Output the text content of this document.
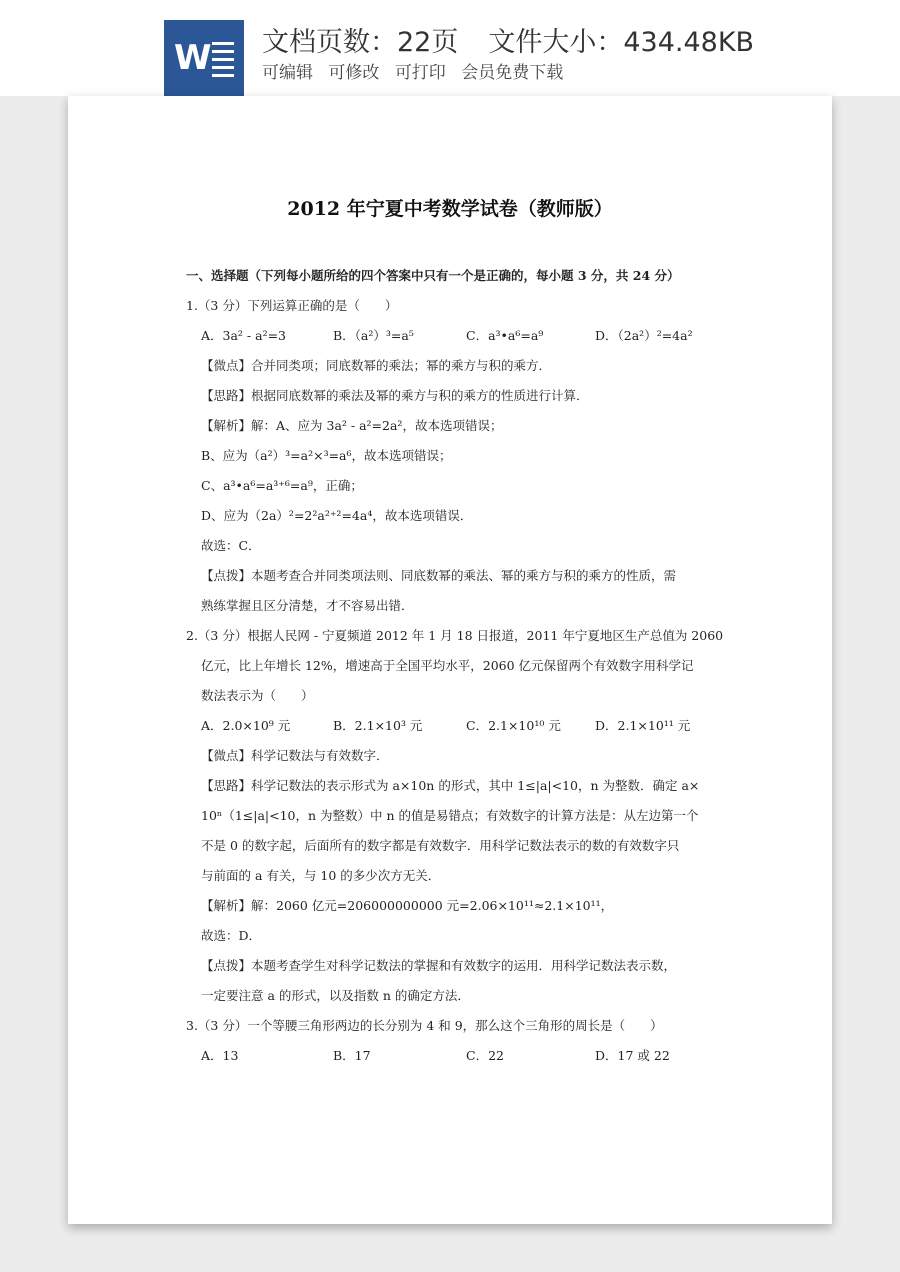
W 文档页数：22页 文件大小：434.48KB
可编辑 可修改 可打印 会员免费下载
2012 年宁夏中考数学试卷（教师版）
一、选择题（下列每小题所给的四个答案中只有一个是正确的，每小题 3 分，共 24 分）
1.（3 分）下列运算正确的是（　　）
A．3a² - a²=3	B．（a²）³=a⁵	C．a³•a⁶=a⁹	D．（2a²）²=4a²
【微点】合并同类项；同底数幂的乘法；幂的乘方与积的乘方．
【思路】根据同底数幂的乘法及幂的乘方与积的乘方的性质进行计算．
【解析】解：A、应为 3a² - a²=2a²，故本选项错误；
B、应为（a²）³=a²×³=a⁶，故本选项错误；
C、a³•a⁶=a³⁺⁶=a⁹，正确；
D、应为（2a）²=2²a²⁺²=4a⁴，故本选项错误．
故选：C．
【点拨】本题考查合并同类项法则、同底数幂的乘法、幂的乘方与积的乘方的性质，需
熟练掌握且区分清楚，才不容易出错．
2.（3 分）根据人民网 - 宁夏频道 2012 年 1 月 18 日报道，2011 年宁夏地区生产总值为 2060
亿元，比上年增长 12%，增速高于全国平均水平，2060 亿元保留两个有效数字用科学记
数法表示为（　　）
A．2.0×10⁹ 元	B．2.1×10³ 元	C．2.1×10¹⁰ 元	D．2.1×10¹¹ 元
【微点】科学记数法与有效数字．
【思路】科学记数法的表示形式为 a×10n 的形式，其中 1≤|a|<10，n 为整数．确定 a×
10ⁿ（1≤|a|<10，n 为整数）中 n 的值是易错点；有效数字的计算方法是：从左边第一个
不是 0 的数字起，后面所有的数字都是有效数字．用科学记数法表示的数的有效数字只
与前面的 a 有关，与 10 的多少次方无关．
【解析】解：2060 亿元=206000000000 元=2.06×10¹¹≈2.1×10¹¹，
故选：D．
【点拨】本题考查学生对科学记数法的掌握和有效数字的运用．用科学记数法表示数，
一定要注意 a 的形式，以及指数 n 的确定方法．
3.（3 分）一个等腰三角形两边的长分别为 4 和 9，那么这个三角形的周长是（　　）
A．13	B．17	C．22	D．17 或 22
